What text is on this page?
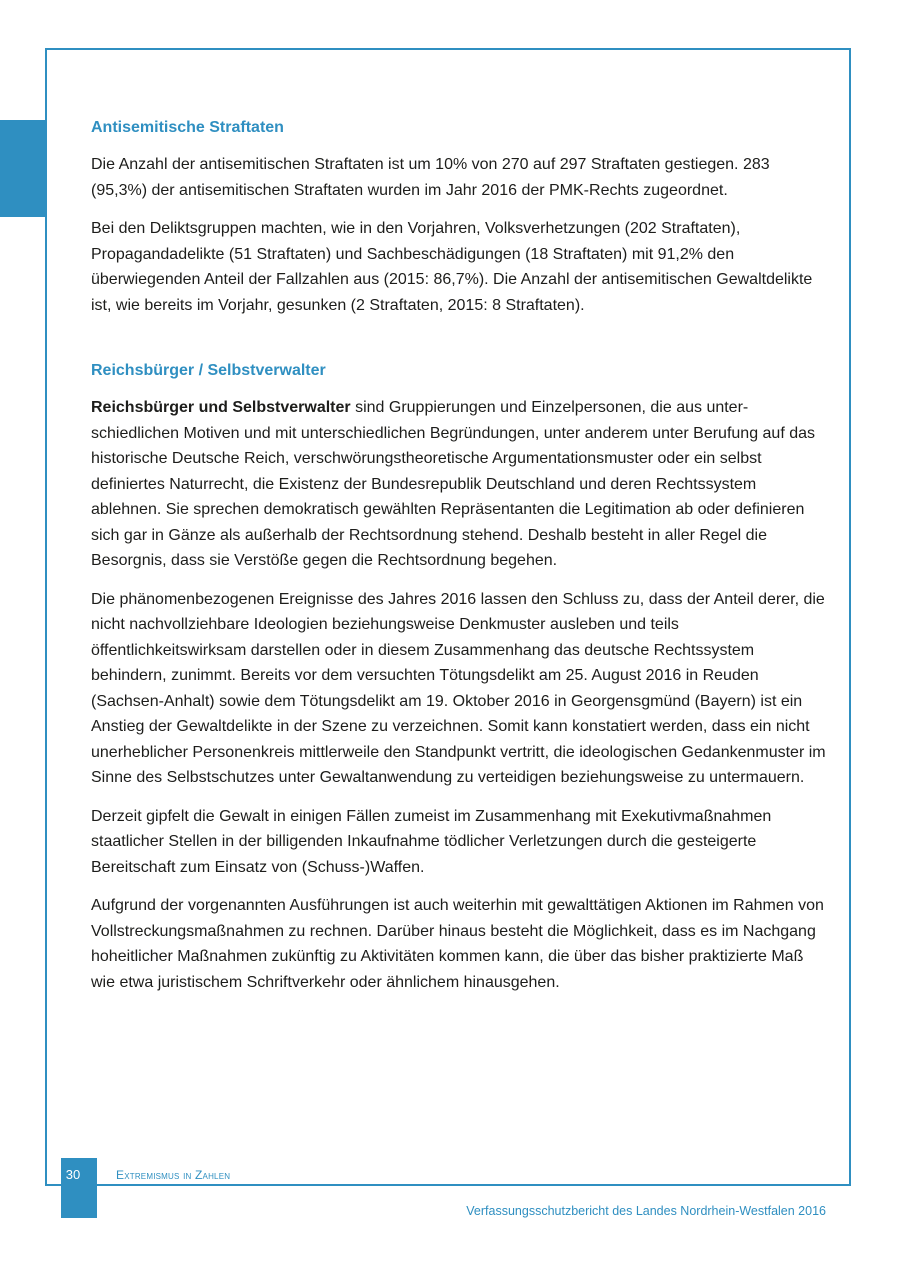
Antisemitische Straftaten

Die Anzahl der antisemitischen Straftaten ist um 10% von 270 auf 297 Straftaten gestiegen. 283 (95,3%) der antisemitischen Straftaten wurden im Jahr 2016 der PMK-Rechts zugeordnet.

Bei den Deliktsgruppen machten, wie in den Vorjahren, Volksverhetzungen (202 Straftaten), Propagandadelikte (51 Straftaten) und Sachbeschädigungen (18 Straftaten) mit 91,2% den überwiegenden Anteil der Fallzahlen aus (2015: 86,7%). Die Anzahl der antisemitischen Gewaltdelikte ist, wie bereits im Vorjahr, gesunken (2 Straftaten, 2015: 8 Straftaten).

Reichsbürger / Selbstverwalter

Reichsbürger und Selbstverwalter sind Gruppierungen und Einzelpersonen, die aus unterschiedlichen Motiven und mit unterschiedlichen Begründungen, unter anderem unter Berufung auf das historische Deutsche Reich, verschwörungstheoretische Argumentationsmuster oder ein selbst definiertes Naturrecht, die Existenz der Bundesrepublik Deutschland und deren Rechtssystem ablehnen. Sie sprechen demokratisch gewählten Repräsentanten die Legitimation ab oder definieren sich gar in Gänze als außerhalb der Rechtsordnung stehend. Deshalb besteht in aller Regel die Besorgnis, dass sie Verstöße gegen die Rechtsordnung begehen.

Die phänomenbezogenen Ereignisse des Jahres 2016 lassen den Schluss zu, dass der Anteil derer, die nicht nachvollziehbare Ideologien beziehungsweise Denkmuster ausleben und teils öffentlichkeitswirksam darstellen oder in diesem Zusammenhang das deutsche Rechtssystem behindern, zunimmt. Bereits vor dem versuchten Tötungsdelikt am 25. August 2016 in Reuden (Sachsen-Anhalt) sowie dem Tötungsdelikt am 19. Oktober 2016 in Georgensgmünd (Bayern) ist ein Anstieg der Gewaltdelikte in der Szene zu verzeichnen. Somit kann konstatiert werden, dass ein nicht unerheblicher Personenkreis mittlerweile den Standpunkt vertritt, die ideologischen Gedankenmuster im Sinne des Selbstschutzes unter Gewaltanwendung zu verteidigen beziehungsweise zu untermauern.

Derzeit gipfelt die Gewalt in einigen Fällen zumeist im Zusammenhang mit Exekutivmaßnahmen staatlicher Stellen in der billigenden Inkaufnahme tödlicher Verletzungen durch die gesteigerte Bereitschaft zum Einsatz von (Schuss-)Waffen.

Aufgrund der vorgenannten Ausführungen ist auch weiterhin mit gewalttätigen Aktionen im Rahmen von Vollstreckungsmaßnahmen zu rechnen. Darüber hinaus besteht die Möglichkeit, dass es im Nachgang hoheitlicher Maßnahmen zukünftig zu Aktivitäten kommen kann, die über das bisher praktizierte Maß wie etwa juristischem Schriftverkehr oder ähnlichem hinausgehen.

30	Extremismus in Zahlen
Verfassungsschutzbericht des Landes Nordrhein-Westfalen 2016
